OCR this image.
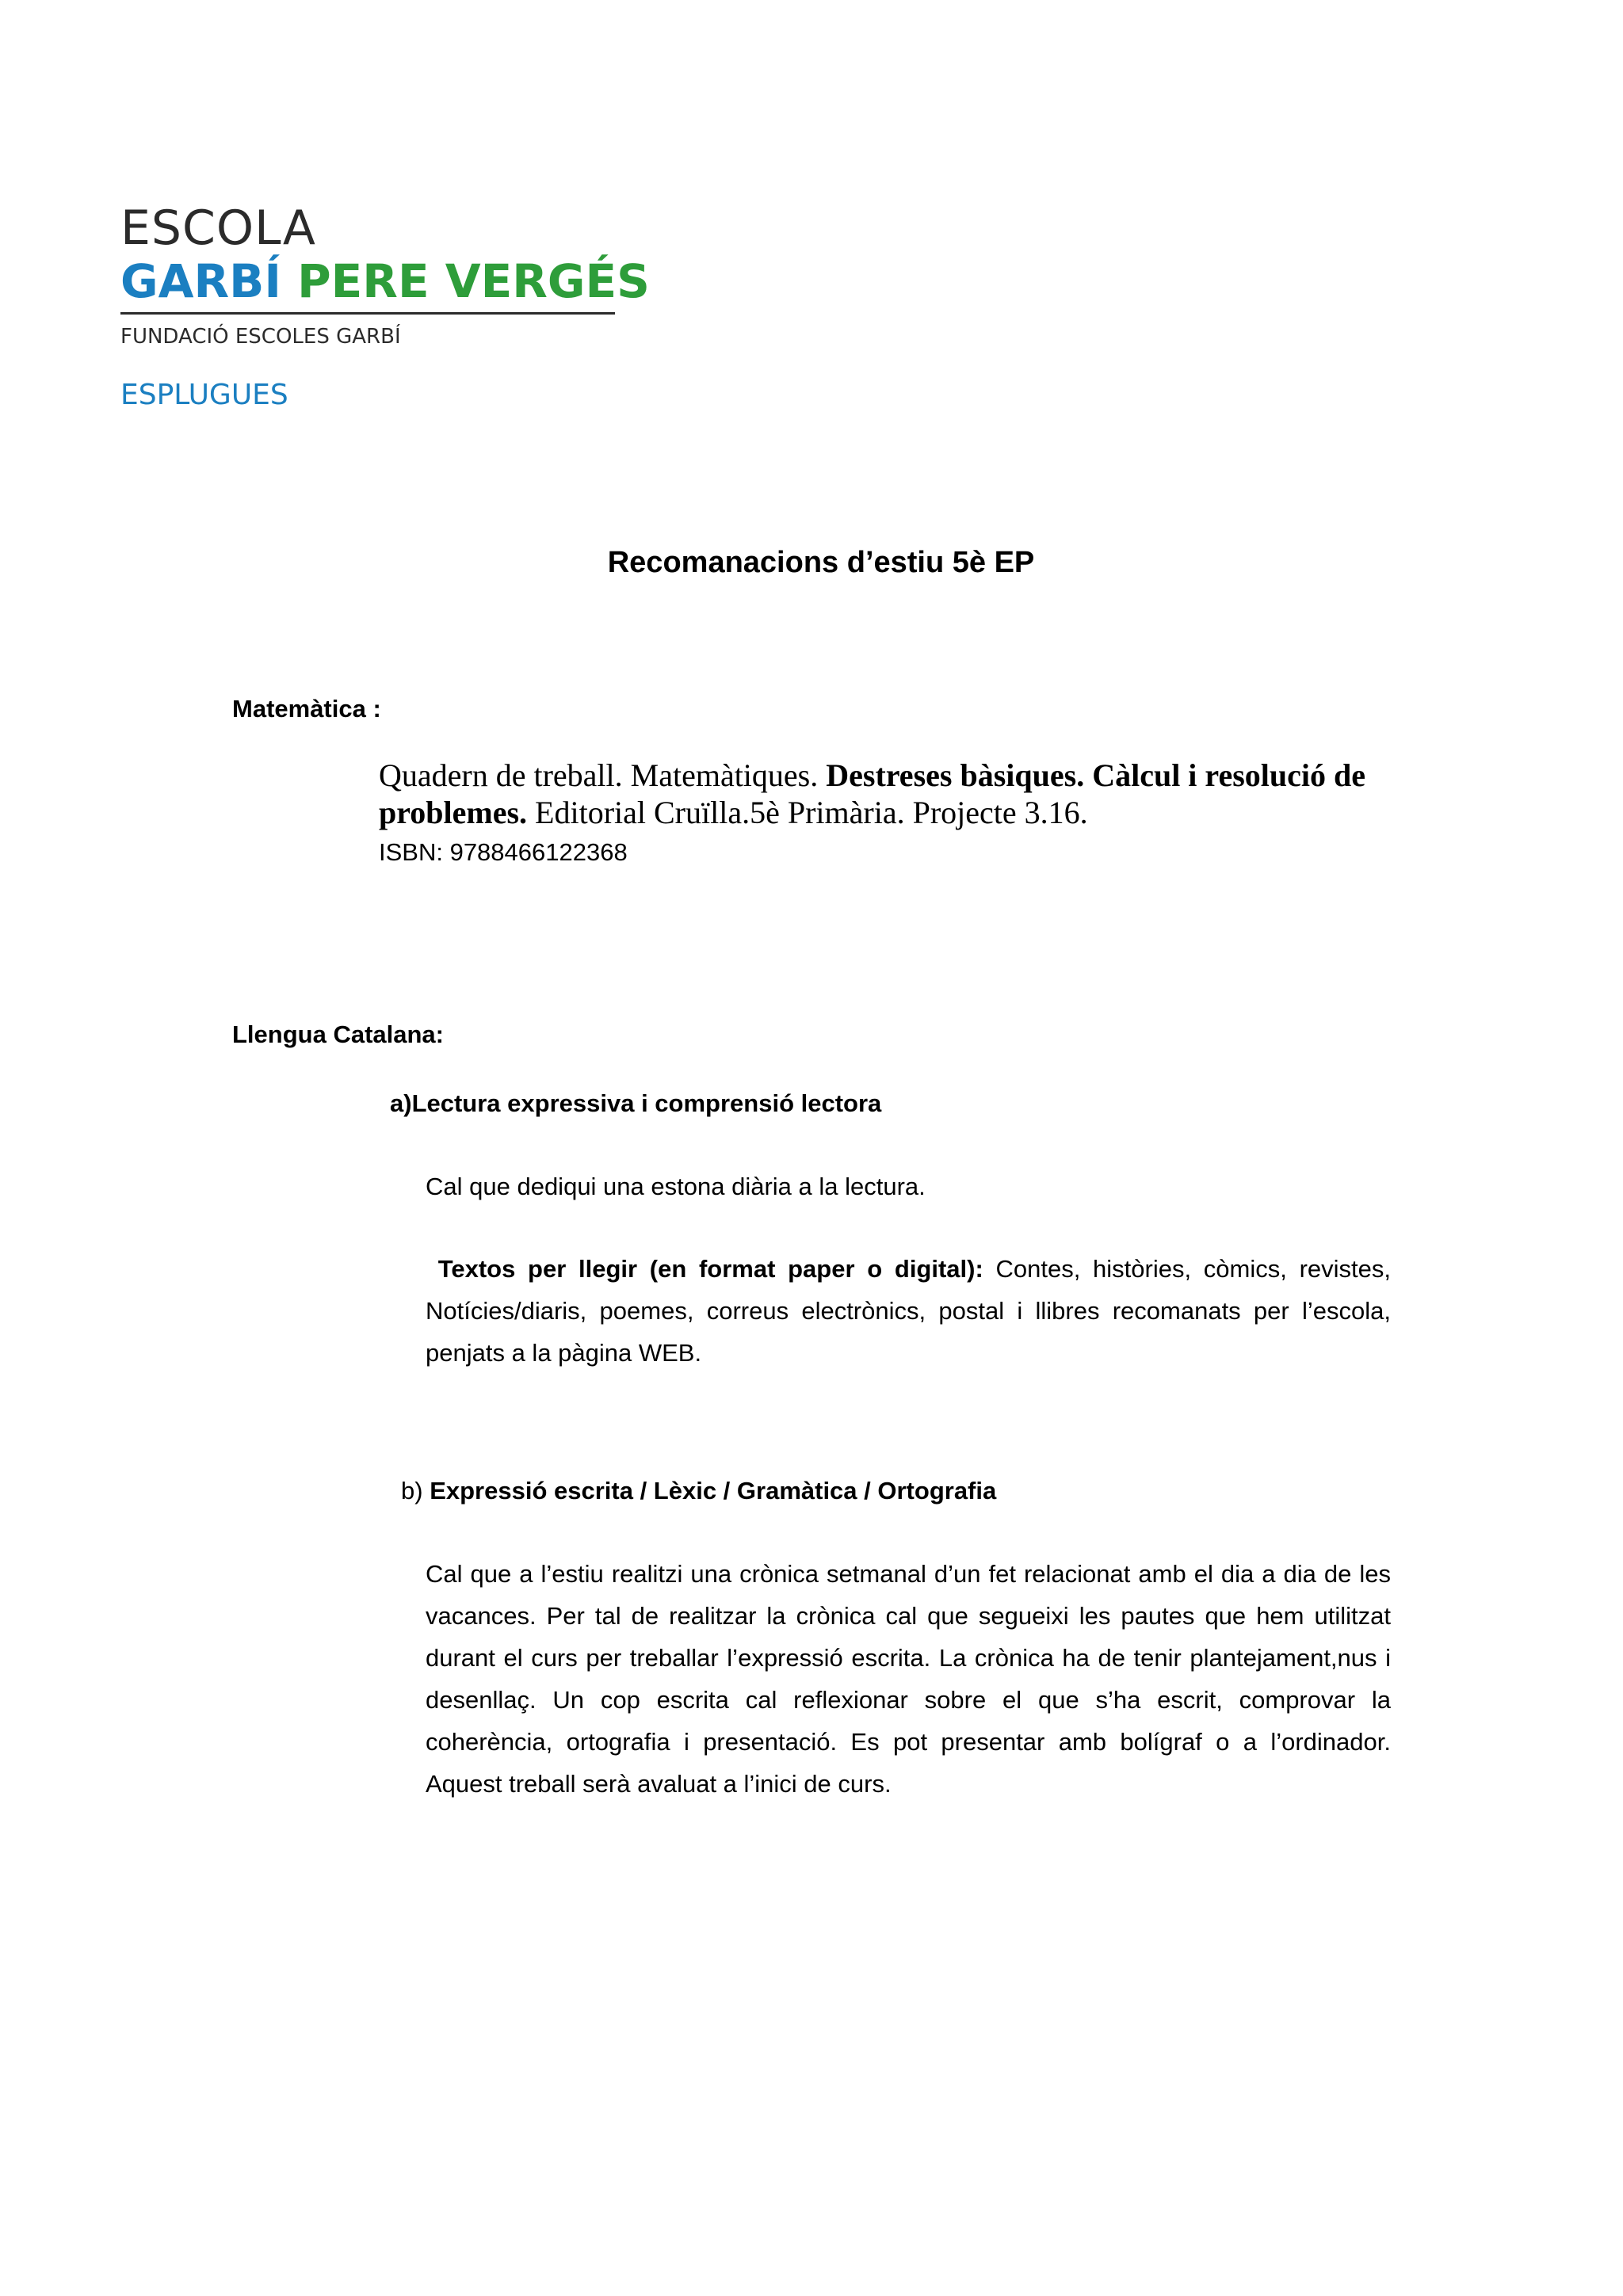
ESCOLA
GARBÍ PERE VERGÉS
FUNDACIÓ ESCOLES GARBÍ
ESPLUGUES
Recomanacions d’estiu 5è EP
Matemàtica :
Quadern de treball. Matemàtiques. Destreses bàsiques. Càlcul i resolució de problemes. Editorial Cruïlla.5è Primària. Projecte 3.16.
ISBN: 9788466122368
Llengua Catalana:
a)Lectura expressiva i comprensió lectora
Cal que dediqui una estona diària a la lectura.
Textos per llegir (en format paper o digital): Contes, històries, còmics, revistes, Notícies/diaris, poemes, correus electrònics, postal i llibres recomanats per l’escola, penjats a la pàgina WEB.
b) Expressió escrita / Lèxic / Gramàtica / Ortografia
Cal que a l’estiu realitzi una crònica setmanal d’un fet relacionat amb el dia a dia de les vacances. Per tal de realitzar la crònica cal que segueixi les pautes que hem utilitzat durant el curs per treballar l’expressió escrita. La crònica ha de tenir plantejament,nus i desenllaç. Un cop escrita cal reflexionar sobre el que s’ha escrit, comprovar la coherència, ortografia i presentació. Es pot presentar amb bolígraf o a l’ordinador. Aquest treball serà avaluat a l’inici de curs.
